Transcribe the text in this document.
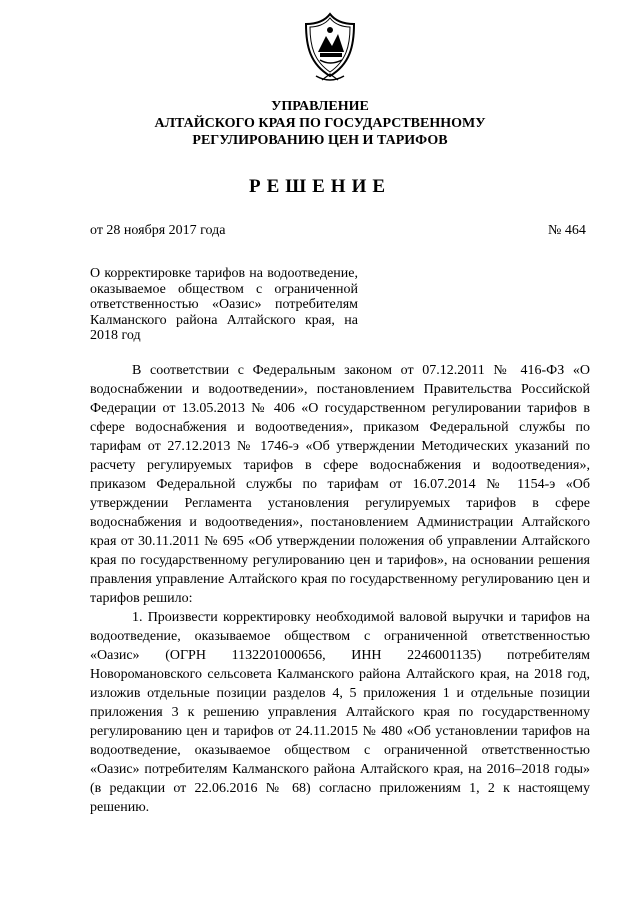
УПРАВЛЕНИЕ
АЛТАЙСКОГО КРАЯ ПО ГОСУДАРСТВЕННОМУ
РЕГУЛИРОВАНИЮ ЦЕН И ТАРИФОВ
РЕШЕНИЕ
от 28 ноября 2017 года	№ 464
О корректировке тарифов на водоотведение, оказываемое обществом с ограниченной ответственностью «Оазис» потребителям Калманского района Алтайского края, на 2018 год

В соответствии с Федеральным законом от 07.12.2011 № 416-ФЗ «О водоснабжении и водоотведении», постановлением Правительства Российской Федерации от 13.05.2013 № 406 «О государственном регулировании тарифов в сфере водоснабжения и водоотведения», приказом Федеральной службы по тарифам от 27.12.2013 № 1746-э «Об утверждении Методических указаний по расчету регулируемых тарифов в сфере водоснабжения и водоотведения», приказом Федеральной службы по тарифам от 16.07.2014 № 1154-э «Об утверждении Регламента установления регулируемых тарифов в сфере водоснабжения и водоотведения», постановлением Администрации Алтайского края от 30.11.2011 № 695 «Об утверждении положения об управлении Алтайского края по государственному регулированию цен и тарифов», на основании решения правления управление Алтайского края по государственному регулированию цен и тарифов решило:

1. Произвести корректировку необходимой валовой выручки и тарифов на водоотведение, оказываемое обществом с ограниченной ответственностью «Оазис» (ОГРН 1132201000656, ИНН 2246001135) потребителям Новоромановского сельсовета Калманского района Алтайского края, на 2018 год, изложив отдельные позиции разделов 4, 5 приложения 1 и отдельные позиции приложения 3 к решению управления Алтайского края по государственному регулированию цен и тарифов от 24.11.2015 № 480 «Об установлении тарифов на водоотведение, оказываемое обществом с ограниченной ответственностью «Оазис» потребителям Калманского района Алтайского края, на 2016–2018 годы» (в редакции от 22.06.2016 № 68) согласно приложениям 1, 2 к настоящему решению.
